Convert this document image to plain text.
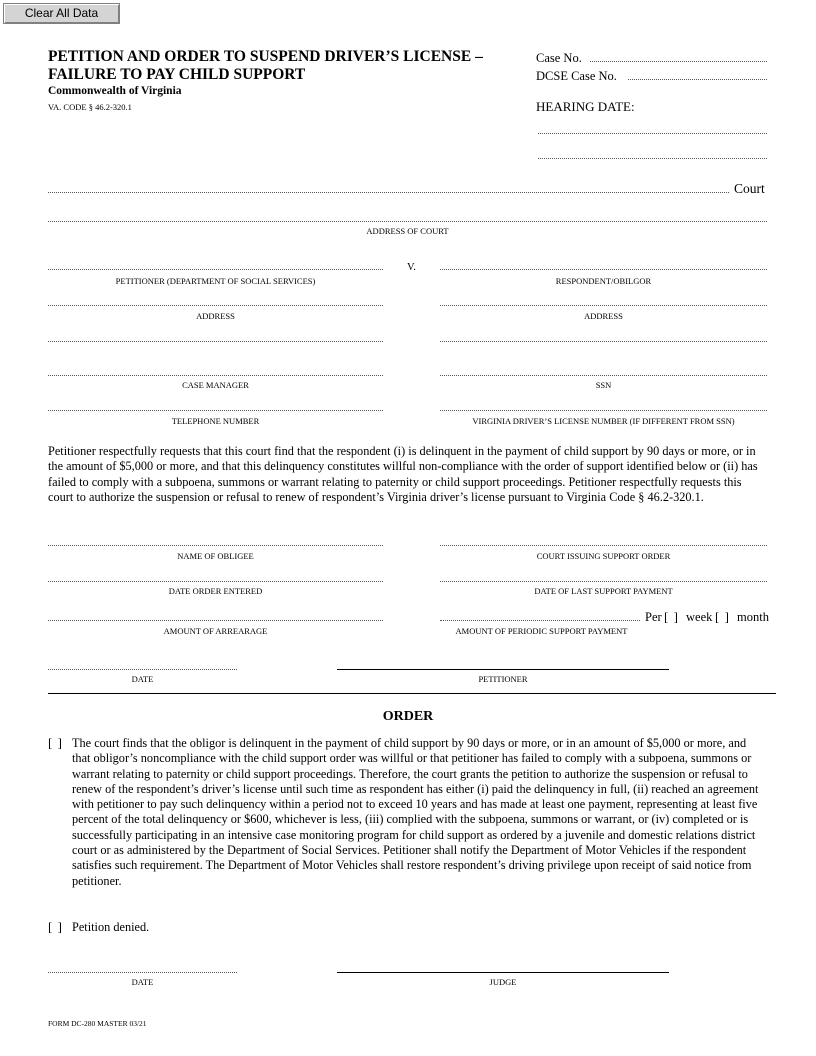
Clear All Data
PETITION AND ORDER TO SUSPEND DRIVER’S LICENSE –
FAILURE TO PAY CHILD SUPPORT
Commonwealth of Virginia
VA. CODE § 46.2-320.1
Case No.
DCSE Case No.
HEARING DATE:
Court
ADDRESS OF COURT
V.
PETITIONER (DEPARTMENT OF SOCIAL SERVICES)	RESPONDENT/OBILGOR
ADDRESS	ADDRESS
CASE MANAGER	SSN
TELEPHONE NUMBER	VIRGINIA DRIVER’S LICENSE NUMBER (IF DIFFERENT FROM SSN)
Petitioner respectfully requests that this court find that the respondent (i) is delinquent in the payment of child support by 90 days or more, or in the amount of $5,000 or more, and that this delinquency constitutes willful non-compliance with the order of support identified below or (ii) has failed to comply with a subpoena, summons or warrant relating to paternity or child support proceedings. Petitioner respectfully requests this court to authorize the suspension or refusal to renew of respondent’s Virginia driver’s license pursuant to Virginia Code § 46.2-320.1.
NAME OF OBLIGEE	COURT ISSUING SUPPORT ORDER
DATE ORDER ENTERED	DATE OF LAST SUPPORT PAYMENT
Per [ ] week [ ] month
AMOUNT OF ARREARAGE	AMOUNT OF PERIODIC SUPPORT PAYMENT
DATE	PETITIONER
ORDER
[ ] The court finds that the obligor is delinquent in the payment of child support by 90 days or more, or in an amount of $5,000 or more, and that obligor’s noncompliance with the child support order was willful or that petitioner has failed to comply with a subpoena, summons or warrant relating to paternity or child support proceedings. Therefore, the court grants the petition to authorize the suspension or refusal to renew of the respondent’s driver’s license until such time as respondent has either (i) paid the delinquency in full, (ii) reached an agreement with petitioner to pay such delinquency within a period not to exceed 10 years and has made at least one payment, representing at least five percent of the total delinquency or $600, whichever is less, (iii) complied with the subpoena, summons or warrant, or (iv) completed or is successfully participating in an intensive case monitoring program for child support as ordered by a juvenile and domestic relations district court or as administered by the Department of Social Services. Petitioner shall notify the Department of Motor Vehicles if the respondent satisfies such requirement. The Department of Motor Vehicles shall restore respondent’s driving privilege upon receipt of said notice from petitioner.
[ ] Petition denied.
DATE	JUDGE
FORM DC-280 MASTER 03/21
